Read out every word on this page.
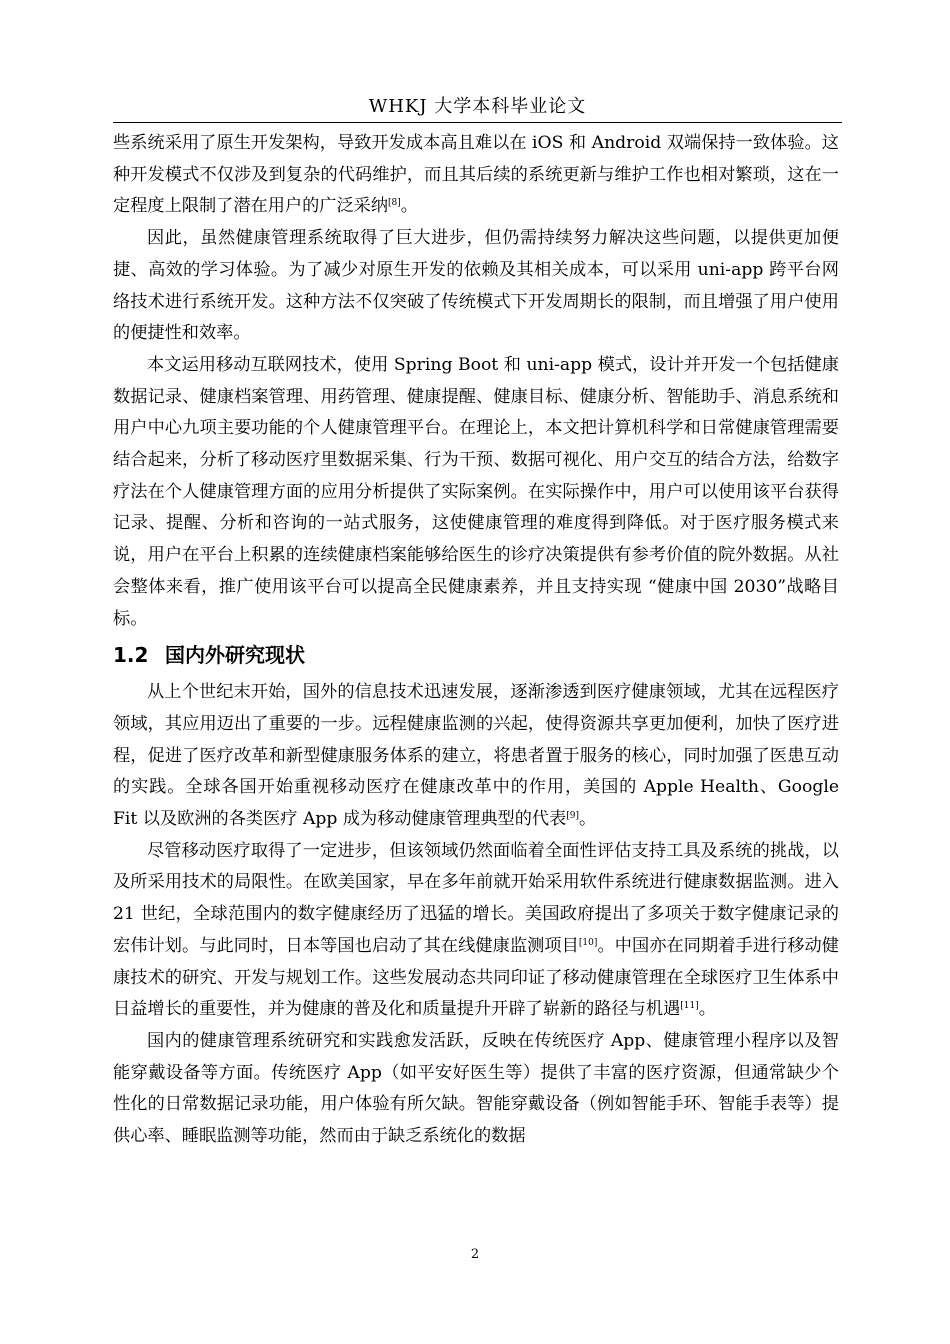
WHKJ 大学本科毕业论文

些系统采用了原生开发架构，导致开发成本高且难以在 iOS 和 Android 双端保持一致体验。这种开发模式不仅涉及到复杂的代码维护，而且其后续的系统更新与维护工作也相对繁琐，这在一定程度上限制了潜在用户的广泛采纳[8]。

因此，虽然健康管理系统取得了巨大进步，但仍需持续努力解决这些问题，以提供更加便捷、高效的学习体验。为了减少对原生开发的依赖及其相关成本，可以采用 uni-app 跨平台网络技术进行系统开发。这种方法不仅突破了传统模式下开发周期长的限制，而且增强了用户使用的便捷性和效率。

本文运用移动互联网技术，使用 Spring Boot 和 uni-app 模式，设计并开发一个包括健康数据记录、健康档案管理、用药管理、健康提醒、健康目标、健康分析、智能助手、消息系统和用户中心九项主要功能的个人健康管理平台。在理论上，本文把计算机科学和日常健康管理需要结合起来，分析了移动医疗里数据采集、行为干预、数据可视化、用户交互的结合方法，给数字疗法在个人健康管理方面的应用分析提供了实际案例。在实际操作中，用户可以使用该平台获得记录、提醒、分析和咨询的一站式服务，这使健康管理的难度得到降低。对于医疗服务模式来说，用户在平台上积累的连续健康档案能够给医生的诊疗决策提供有参考价值的院外数据。从社会整体来看，推广使用该平台可以提高全民健康素养，并且支持实现 “健康中国 2030”战略目标。

1.2 国内外研究现状

从上个世纪末开始，国外的信息技术迅速发展，逐渐渗透到医疗健康领域，尤其在远程医疗领域，其应用迈出了重要的一步。远程健康监测的兴起，使得资源共享更加便利，加快了医疗进程，促进了医疗改革和新型健康服务体系的建立，将患者置于服务的核心，同时加强了医患互动的实践。全球各国开始重视移动医疗在健康改革中的作用，美国的 Apple Health、Google Fit 以及欧洲的各类医疗 App 成为移动健康管理典型的代表[9]。

尽管移动医疗取得了一定进步，但该领域仍然面临着全面性评估支持工具及系统的挑战，以及所采用技术的局限性。在欧美国家，早在多年前就开始采用软件系统进行健康数据监测。进入 21 世纪，全球范围内的数字健康经历了迅猛的增长。美国政府提出了多项关于数字健康记录的宏伟计划。与此同时，日本等国也启动了其在线健康监测项目[10]。中国亦在同期着手进行移动健康技术的研究、开发与规划工作。这些发展动态共同印证了移动健康管理在全球医疗卫生体系中日益增长的重要性，并为健康的普及化和质量提升开辟了崭新的路径与机遇[11]。

国内的健康管理系统研究和实践愈发活跃，反映在传统医疗 App、健康管理小程序以及智能穿戴设备等方面。传统医疗 App（如平安好医生等）提供了丰富的医疗资源，但通常缺少个性化的日常数据记录功能，用户体验有所欠缺。智能穿戴设备（例如智能手环、智能手表等）提供心率、睡眠监测等功能，然而由于缺乏系统化的数据

2
